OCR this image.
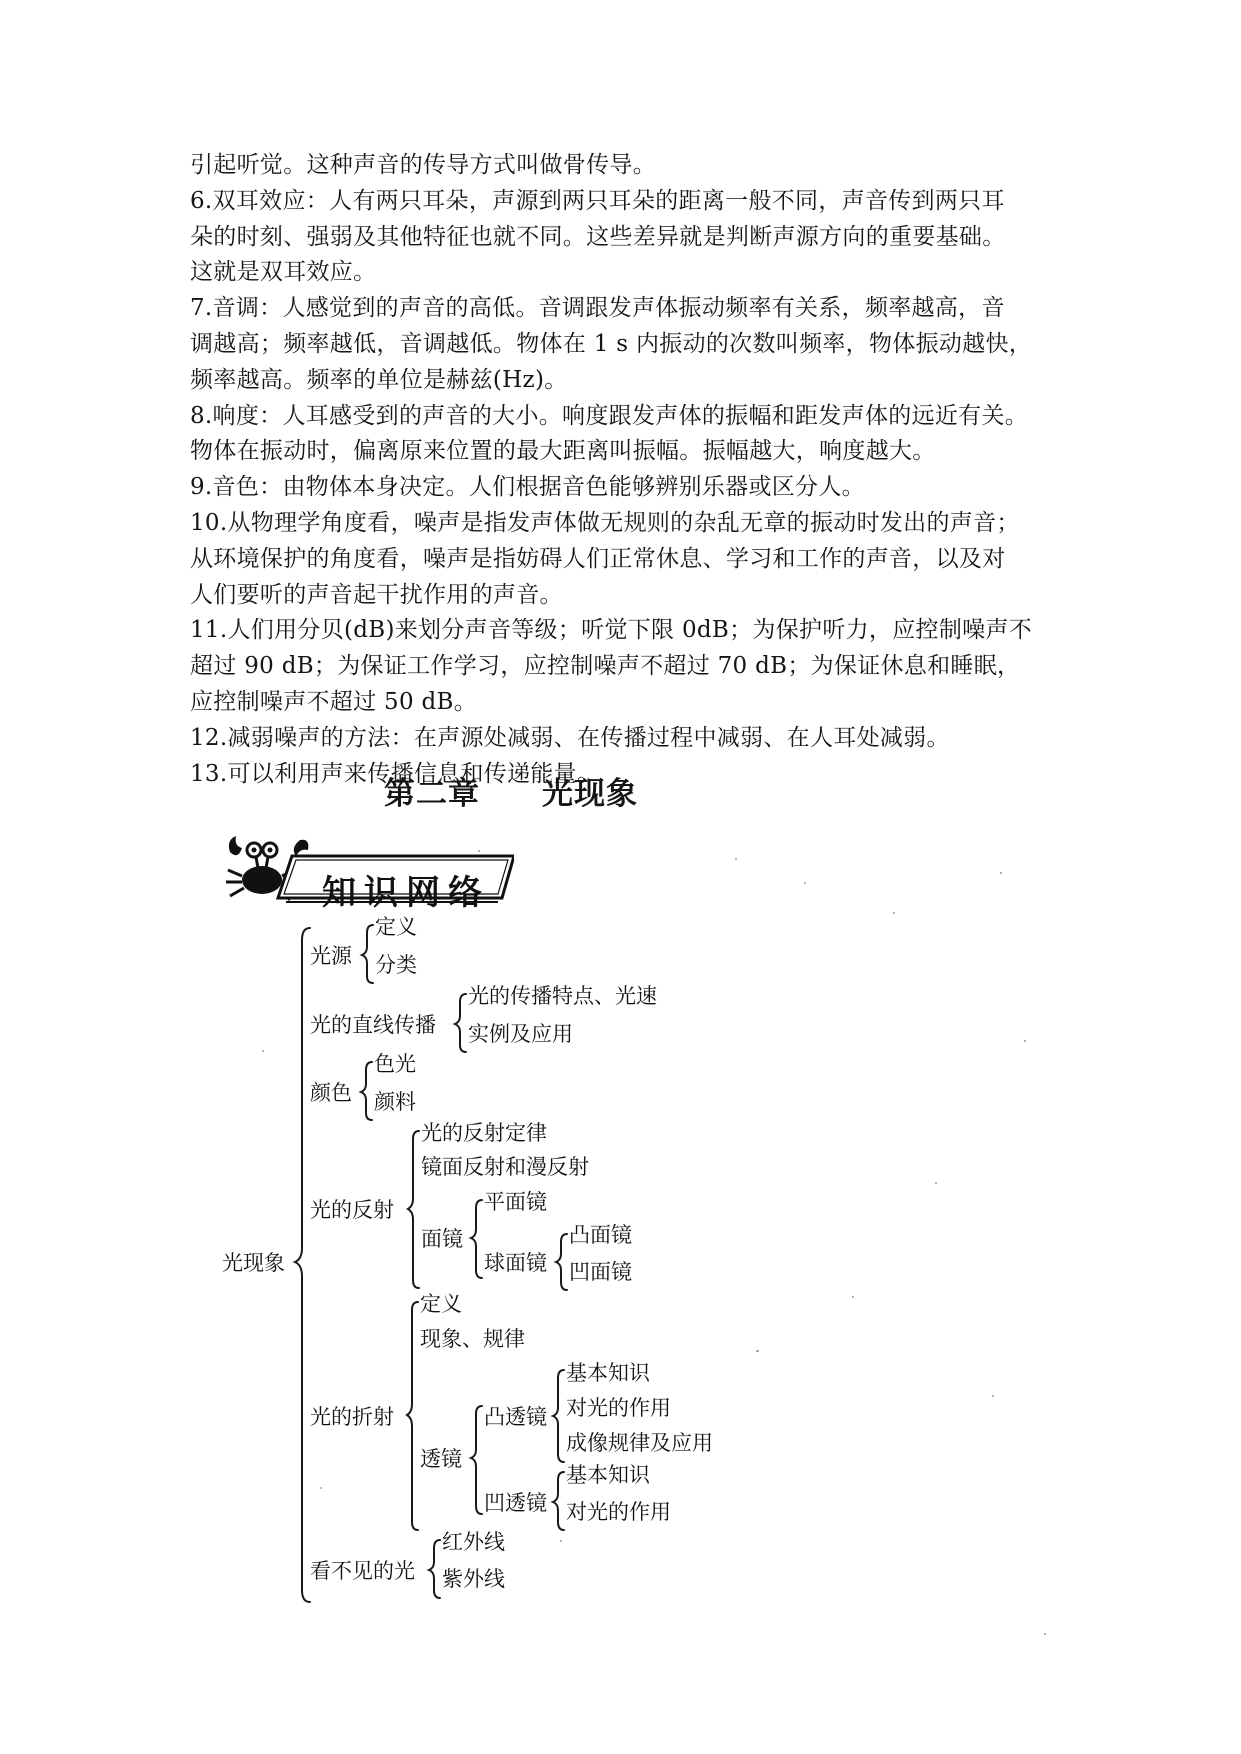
引起听觉。这种声音的传导方式叫做骨传导。
6.双耳效应：人有两只耳朵，声源到两只耳朵的距离一般不同，声音传到两只耳
朵的时刻、强弱及其他特征也就不同。这些差异就是判断声源方向的重要基础。
这就是双耳效应。
7.音调：人感觉到的声音的高低。音调跟发声体振动频率有关系，频率越高，音
调越高；频率越低，音调越低。物体在 1 s 内振动的次数叫频率，物体振动越快，
频率越高。频率的单位是赫兹(Hz)。
8.响度：人耳感受到的声音的大小。响度跟发声体的振幅和距发声体的远近有关。
物体在振动时，偏离原来位置的最大距离叫振幅。振幅越大，响度越大。
9.音色：由物体本身决定。人们根据音色能够辨别乐器或区分人。
10.从物理学角度看，噪声是指发声体做无规则的杂乱无章的振动时发出的声音；
从环境保护的角度看，噪声是指妨碍人们正常休息、学习和工作的声音，以及对
人们要听的声音起干扰作用的声音。
11.人们用分贝(dB)来划分声音等级；听觉下限 0dB；为保护听力，应控制噪声不
超过 90 dB；为保证工作学习，应控制噪声不超过 70 dB；为保证休息和睡眠，
应控制噪声不超过 50 dB。
12.减弱噪声的方法：在声源处减弱、在传播过程中减弱、在人耳处减弱。
13.可以利用声来传播信息和传递能量。
第二章 光现象
知识网络
光现象
光源
定义
分类
光的直线传播
光的传播特点、光速
实例及应用
颜色
色光
颜料
光的反射
光的反射定律
镜面反射和漫反射
面镜
平面镜
球面镜
凸面镜
凹面镜
光的折射
定义
现象、规律
透镜
凸透镜
基本知识
对光的作用
成像规律及应用
凹透镜
基本知识
对光的作用
看不见的光
红外线
紫外线
